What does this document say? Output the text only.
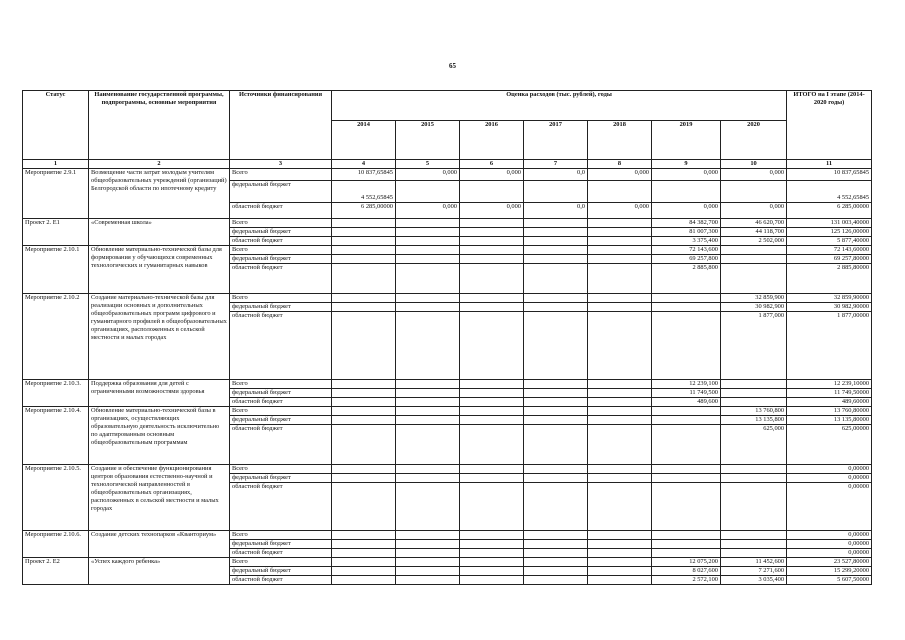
65
Статус	Наименование государственной программы, подпрограммы, основные мероприятия	Источники финансирования	Оценка расходов (тыс. рублей), годы							ИТОГО на I этапе (2014-2020 годы)
			2014	2015	2016	2017	2018	2019	2020	
1	2	3	4	5	6	7	8	9	10	11
Мероприятие 2.9.1	Возмещение части затрат молодым учителям общеобразовательных учреждений (организаций) Белгородской области по ипотечному кредиту	Всего	10 837,65845	0,000	0,000	0,0	0,000	0,000	0,000	10 837,65845
		федеральный бюджет	4 552,65845							4 552,65845
		областной бюджет	6 285,00000	0,000	0,000	0,0	0,000	0,000	0,000	6 285,00000
Проект 2. Е1	«Современная школа»	Всего						84 382,700	46 620,700	131 003,40000
		федеральный бюджет						81 007,300	44 118,700	125 126,00000
		областной бюджет						3 375,400	2 502,000	5 877,40000
Мероприятие 2.10.1	Обновление материально-технической базы для формирования у обучающихся современных технологических и гуманитарных навыков	Всего						72 143,600		72 143,60000
		федеральный бюджет						69 257,800		69 257,80000
		областной бюджет						2 885,800		2 885,80000
Мероприятие 2.10.2	Создание материально-технической базы для реализации основных и дополнительных общеобразовательных программ цифрового и гуманитарного профилей в общеобразовательных организациях, расположенных в сельской местности и малых городах	Всего							32 859,900	32 859,90000
		федеральный бюджет							30 982,900	30 982,90000
		областной бюджет							1 877,000	1 877,00000
Мероприятие 2.10.3.	Поддержка образования для детей с ограниченными возможностями здоровья	Всего						12 239,100		12 239,10000
		федеральный бюджет						11 749,500		11 749,50000
		областной бюджет						489,600		489,60000
Мероприятие 2.10.4.	Обновление материально-технической базы в организациях, осуществляющих образовательную деятельность исключительно по адаптированным основным общеобразовательным программам	Всего							13 760,800	13 760,80000
		федеральный бюджет							13 135,800	13 135,80000
		областной бюджет							625,000	625,00000
Мероприятие 2.10.5.	Создание и обеспечение функционирования центров образования естественно-научной и технологической направленностей в общеобразовательных организациях, расположенных в сельской местности и малых городах	Всего								0,00000
		федеральный бюджет								0,00000
		областной бюджет								0,00000
Мероприятие 2.10.6.	Создание детских технопарков «Кванториум»	Всего								0,00000
		федеральный бюджет								0,00000
		областной бюджет								0,00000
Проект 2. Е2	«Успех каждого ребенка»	Всего						12 075,200	11 452,600	23 527,80000
		федеральный бюджет						8 027,600	7 271,600	15 299,20000
		областной бюджет						2 572,100	3 035,400	5 607,50000
